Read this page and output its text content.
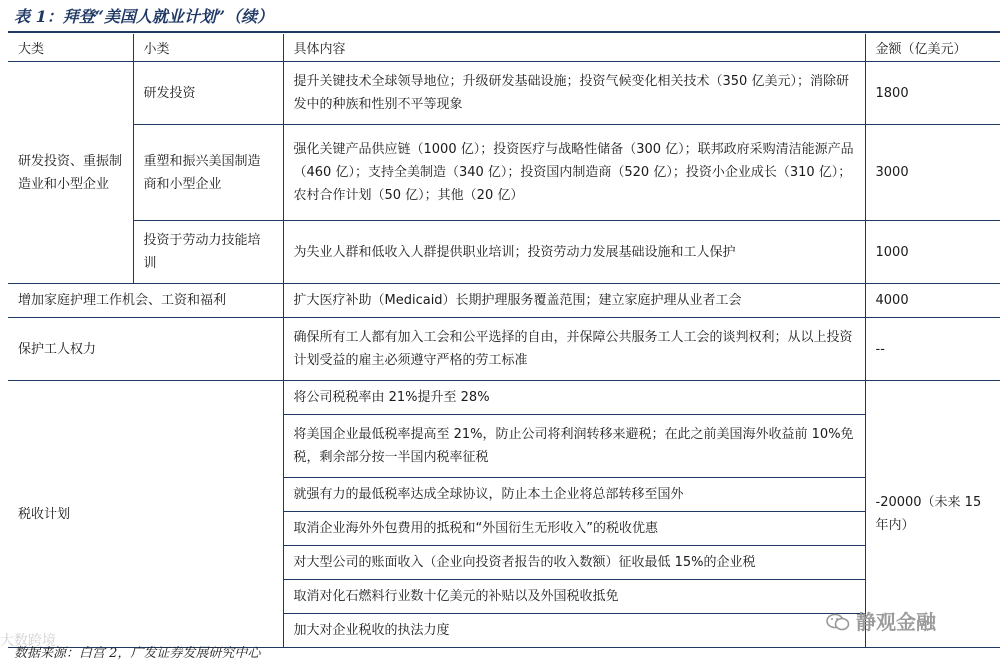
表 1：拜登“美国人就业计划”（续）
大类	小类	具体内容	金额（亿美元）
研发投资、重振制造业和小型企业	研发投资	提升关键技术全球领导地位；升级研发基础设施；投资气候变化相关技术（350 亿美元）；消除研发中的种族和性别不平等现象	1800
	重塑和振兴美国制造商和小型企业	强化关键产品供应链（1000 亿）；投资医疗与战略性储备（300 亿）；联邦政府采购清洁能源产品（460 亿）；支持全美制造（340 亿）；投资国内制造商（520 亿）；投资小企业成长（310 亿）；农村合作计划（50 亿）；其他（20 亿）	3000
	投资于劳动力技能培训	为失业人群和低收入人群提供职业培训；投资劳动力发展基础设施和工人保护	1000
增加家庭护理工作机会、工资和福利		扩大医疗补助（Medicaid）长期护理服务覆盖范围；建立家庭护理从业者工会	4000
保护工人权力		确保所有工人都有加入工会和公平选择的自由，并保障公共服务工人工会的谈判权利；从以上投资计划受益的雇主必须遵守严格的劳工标准	--
税收计划		将公司税税率由 21%提升至 28%	-20000（未来 15 年内）
		将美国企业最低税率提高至 21%，防止公司将利润转移来避税；在此之前美国海外收益前 10%免税，剩余部分按一半国内税率征税	
		就强有力的最低税率达成全球协议，防止本土企业将总部转移至国外	
		取消企业海外外包费用的抵税和“外国衍生无形收入”的税收优惠	
		对大型公司的账面收入（企业向投资者报告的收入数额）征收最低 15%的企业税	
		取消对化石燃料行业数十亿美元的补贴以及外国税收抵免	
		加大对企业税收的执法力度		静观金融
大数跨境
数据来源：白宫 2，广发证券发展研究中心
